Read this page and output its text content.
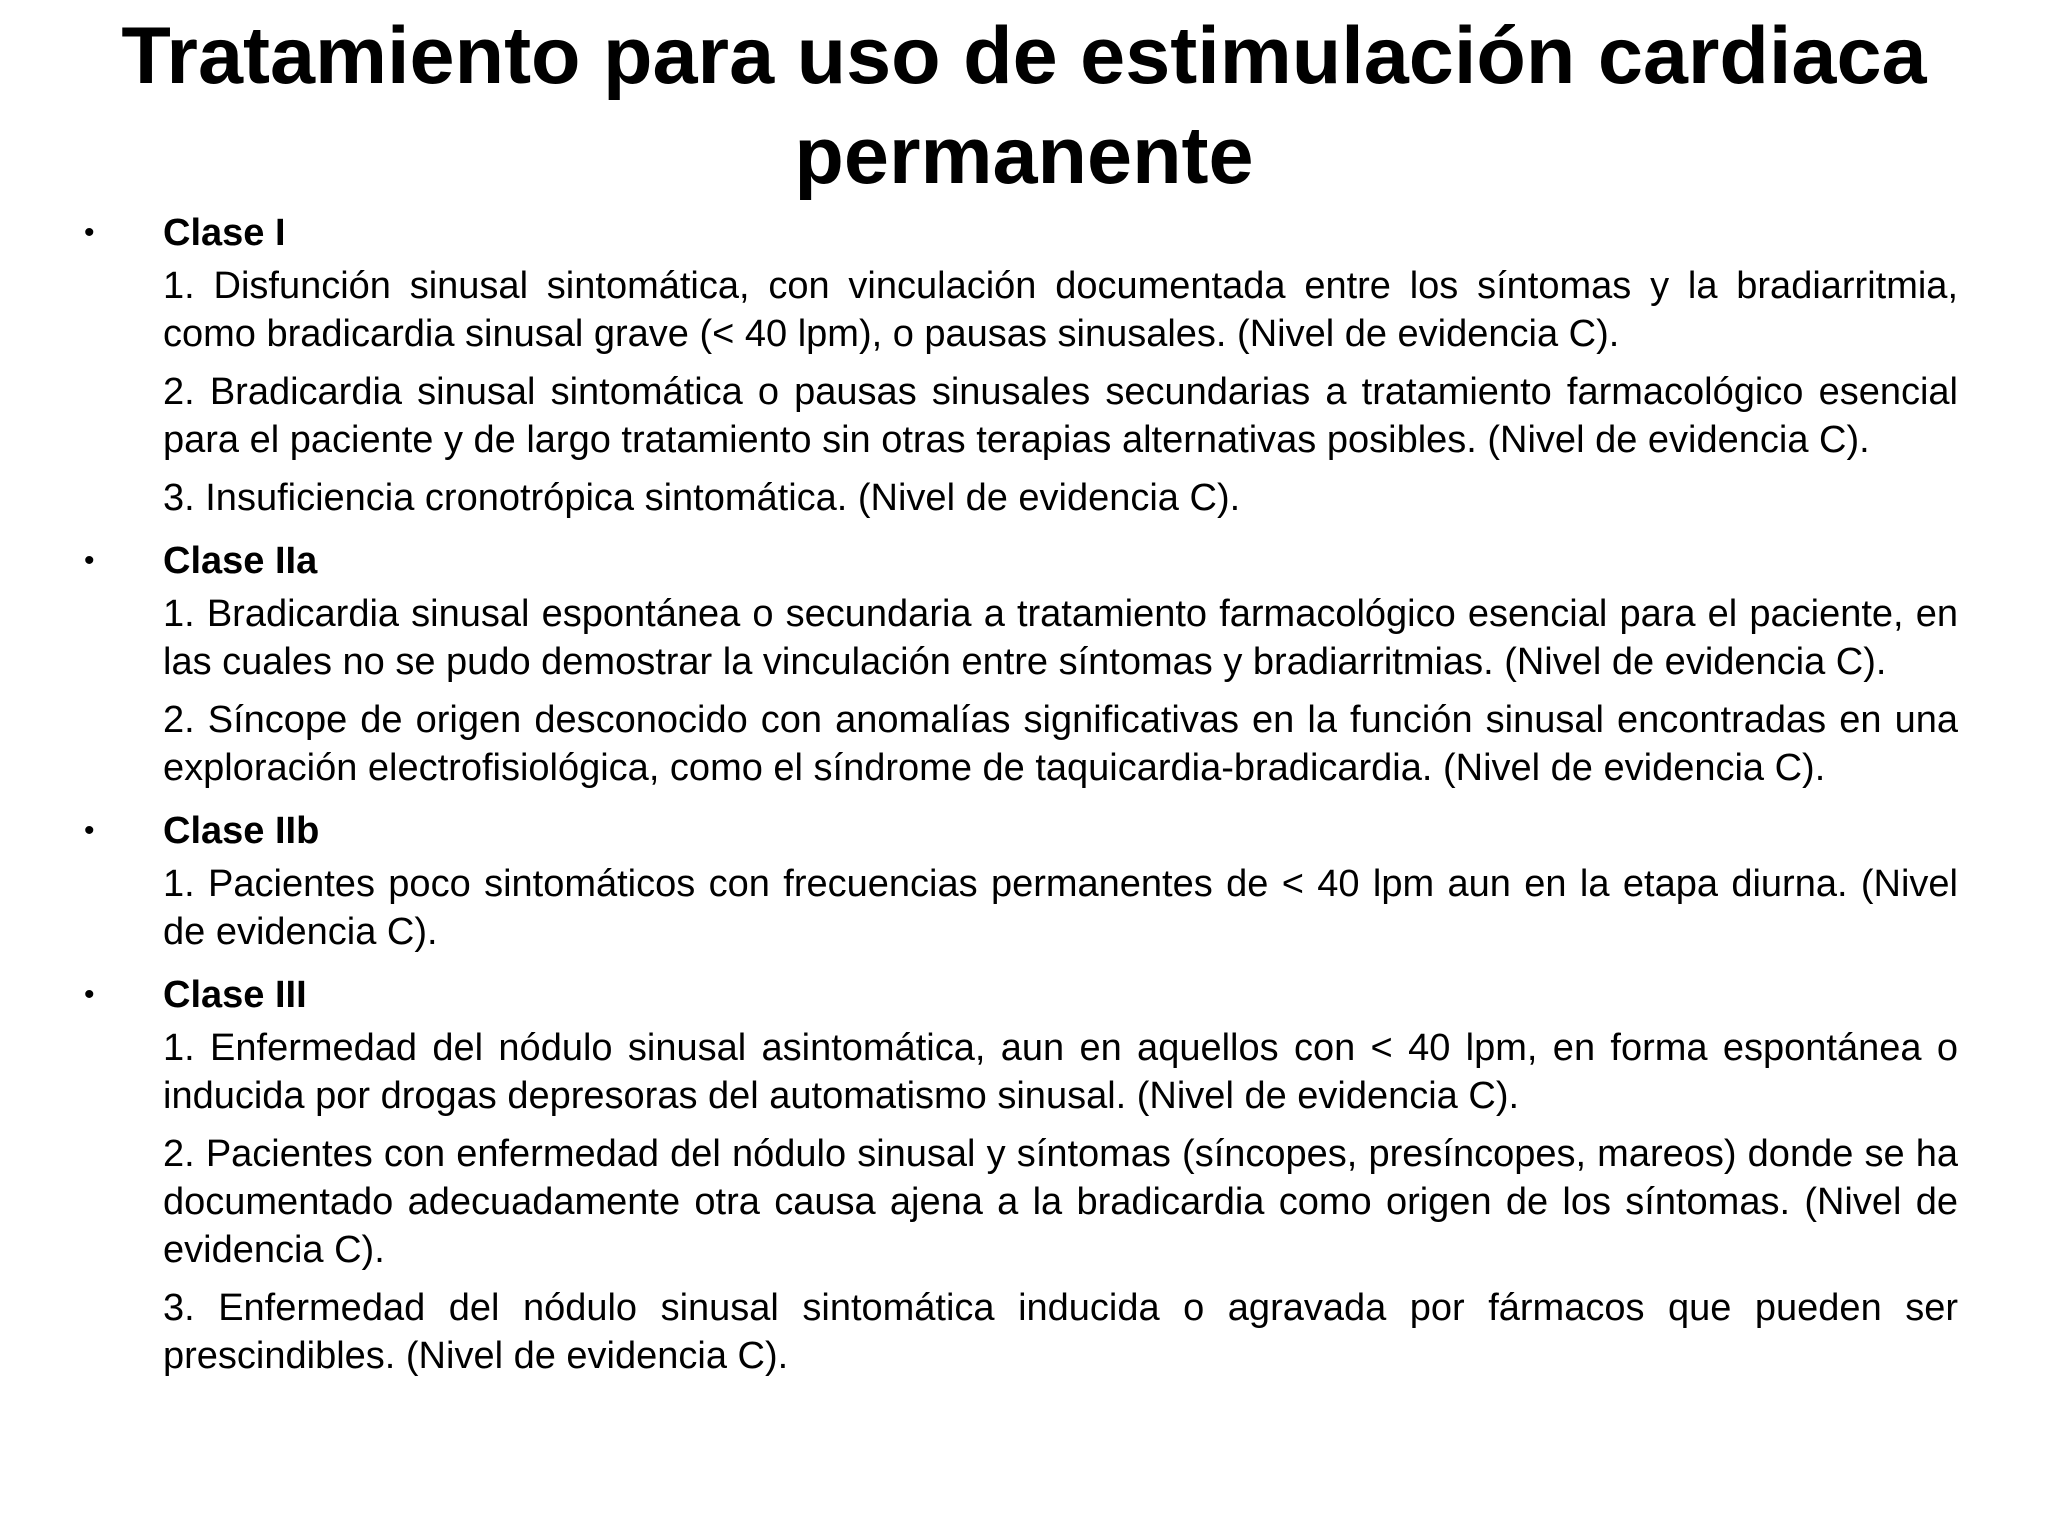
Tratamiento para uso de estimulación cardiaca permanente
• Clase I

1. Disfunción sinusal sintomática, con vinculación documentada entre los síntomas y la bradiarritmia, como bradicardia sinusal grave (< 40 lpm), o pausas sinusales. (Nivel de evidencia C).

2. Bradicardia sinusal sintomática o pausas sinusales secundarias a tratamiento farmacológico esencial para el paciente y de largo tratamiento sin otras terapias alternativas posibles. (Nivel de evidencia C).

3. Insuficiencia cronotrópica sintomática. (Nivel de evidencia C).

• Clase IIa

1. Bradicardia sinusal espontánea o secundaria a tratamiento farmacológico esencial para el paciente, en las cuales no se pudo demostrar la vinculación entre síntomas y bradiarritmias. (Nivel de evidencia C).

2. Síncope de origen desconocido con anomalías significativas en la función sinusal encontradas en una exploración electrofisiológica, como el síndrome de taquicardia-bradicardia. (Nivel de evidencia C).

• Clase IIb

1. Pacientes poco sintomáticos con frecuencias permanentes de < 40 lpm aun en la etapa diurna. (Nivel de evidencia C).

• Clase III

1. Enfermedad del nódulo sinusal asintomática, aun en aquellos con < 40 lpm, en forma espontánea o inducida por drogas depresoras del automatismo sinusal. (Nivel de evidencia C).

2. Pacientes con enfermedad del nódulo sinusal y síntomas (síncopes, presíncopes, mareos) donde se ha documentado adecuadamente otra causa ajena a la bradicardia como origen de los síntomas. (Nivel de evidencia C).

3. Enfermedad del nódulo sinusal sintomática inducida o agravada por fármacos que pueden ser prescindibles. (Nivel de evidencia C).
